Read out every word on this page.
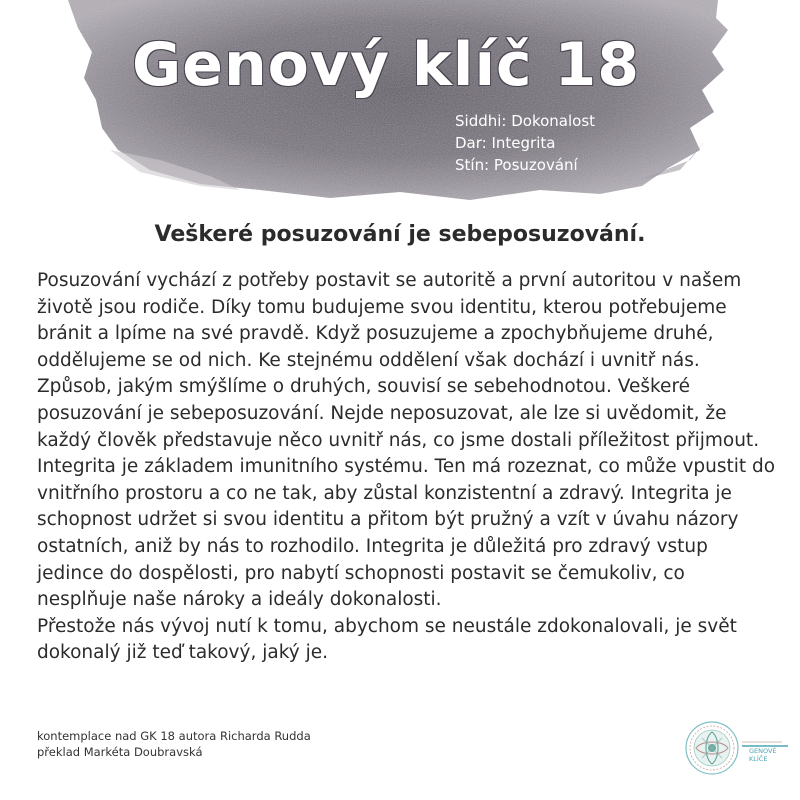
Genový klíč 18
Siddhi: Dokonalost
Dar: Integrita
Stín: Posuzování
Veškeré posuzování je sebeposuzování.

Posuzování vychází z potřeby postavit se autoritě a první autoritou v našem životě jsou rodiče. Díky tomu budujeme svou identitu, kterou potřebujeme bránit a lpíme na své pravdě. Když posuzujeme a zpochybňujeme druhé, oddělujeme se od nich. Ke stejnému oddělení však dochází i uvnitř nás. Způsob, jakým smýšlíme o druhých, souvisí se sebehodnotou. Veškeré posuzování je sebeposuzování. Nejde neposuzovat, ale lze si uvědomit, že každý člověk představuje něco uvnitř nás, co jsme dostali příležitost přijmout.

Integrita je základem imunitního systému. Ten má rozeznat, co může vpustit do vnitřního prostoru a co ne tak, aby zůstal konzistentní a zdravý. Integrita je schopnost udržet si svou identitu a přitom být pružný a vzít v úvahu názory ostatních, aniž by nás to rozhodilo. Integrita je důležitá pro zdravý vstup jedince do dospělosti, pro nabytí schopnosti postavit se čemukoliv, co nesplňuje naše nároky a ideály dokonalosti.

Přestože nás vývoj nutí k tomu, abychom se neustále zdokonalovali, je svět dokonalý již teď takový, jaký je.

kontemplace nad GK 18 autora Richarda Rudda
překlad Markéta Doubravská	GENOVÉ
KLÍČE
